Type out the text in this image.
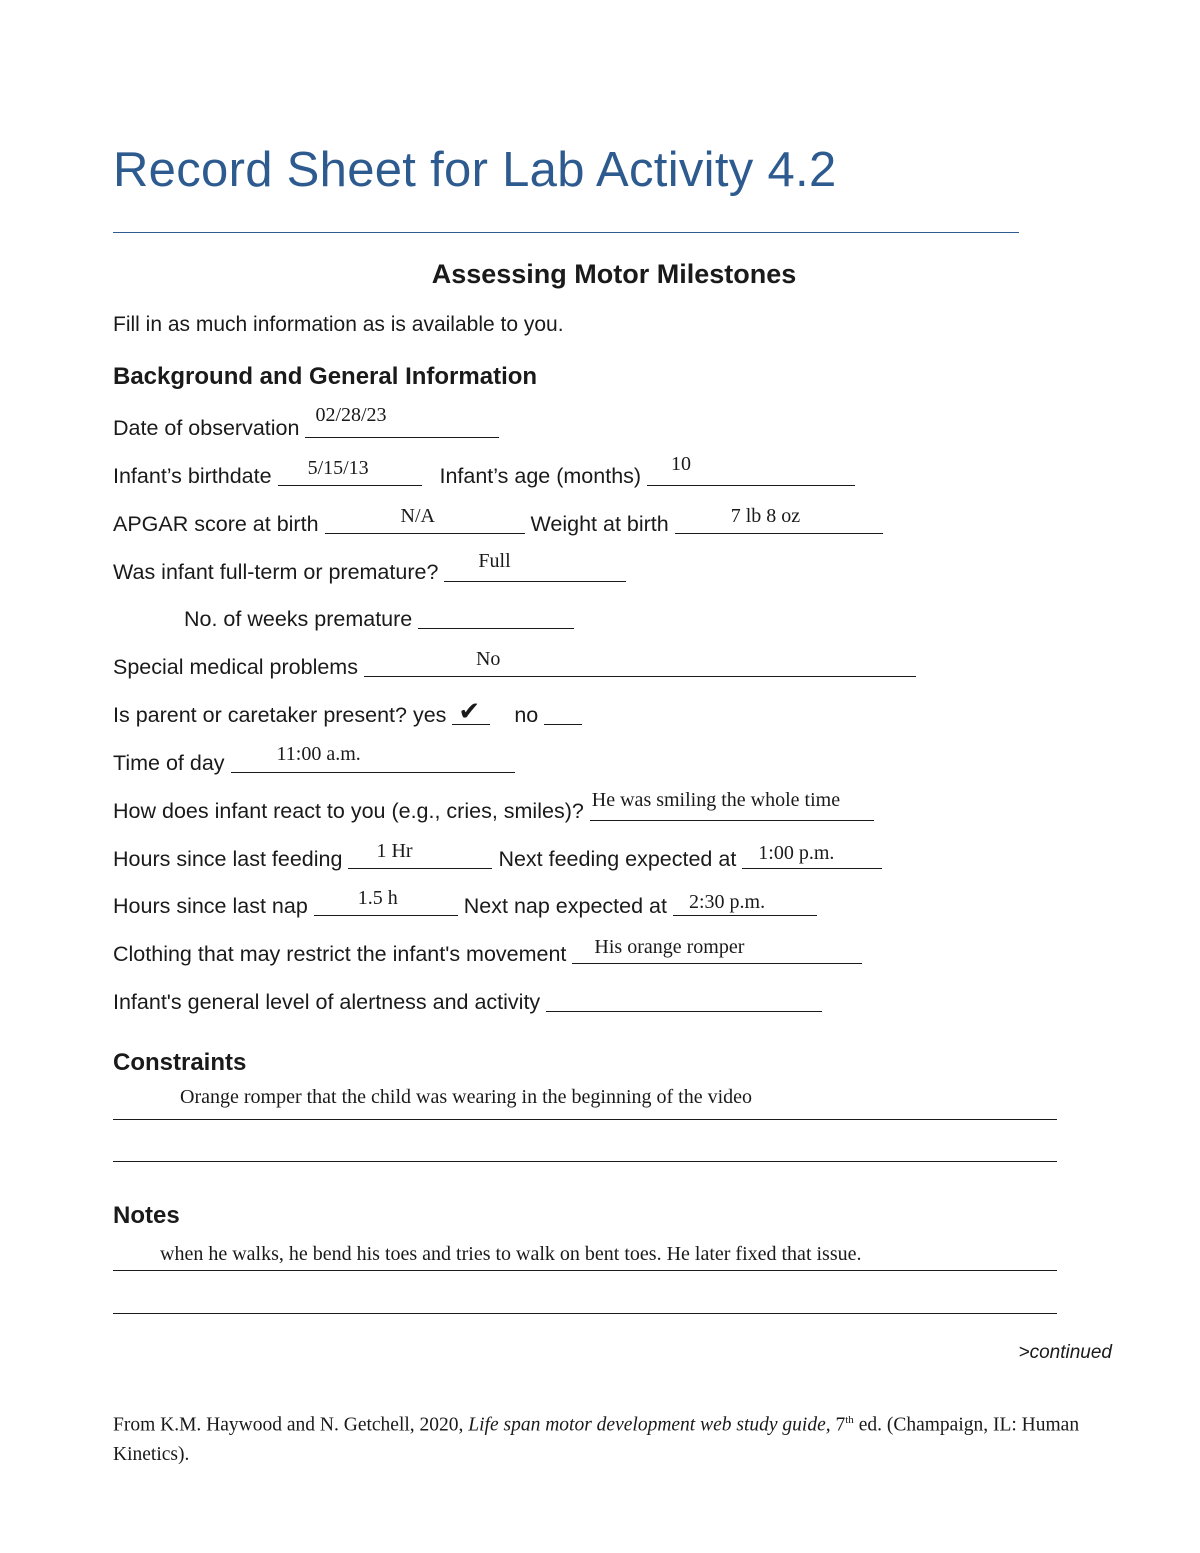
Record Sheet for Lab Activity 4.2
Assessing Motor Milestones
Fill in as much information as is available to you.
Background and General Information
Date of observation
02/28/23
Infant’s birthdate 5/15/13	Infant’s age (months) 10
APGAR score at birth	N/A	Weight at birth	7 lb 8 oz
Was infant full-term or premature? Full
No. of weeks premature
Special medical problems	No
Is parent or caretaker present? yes ✔ no
Time of day	11:00 a.m.
How does infant react to you (e.g., cries, smiles)? He was smiling the whole time
Hours since last feeding 1 Hr	Next feeding expected at 1:00 p.m.
Hours since last nap 1.5 h	Next nap expected at 2:30 p.m.
Clothing that may restrict the infant's movement His orange romper
Infant's general level of alertness and activity
Constraints
Orange romper that the child was wearing in the beginning of the video
Notes
when he walks, he bend his toes and tries to walk on bent toes. He later fixed that issue.
>continued
From K.M. Haywood and N. Getchell, 2020, Life span motor development web study guide, 7th ed. (Champaign, IL: Human Kinetics).
